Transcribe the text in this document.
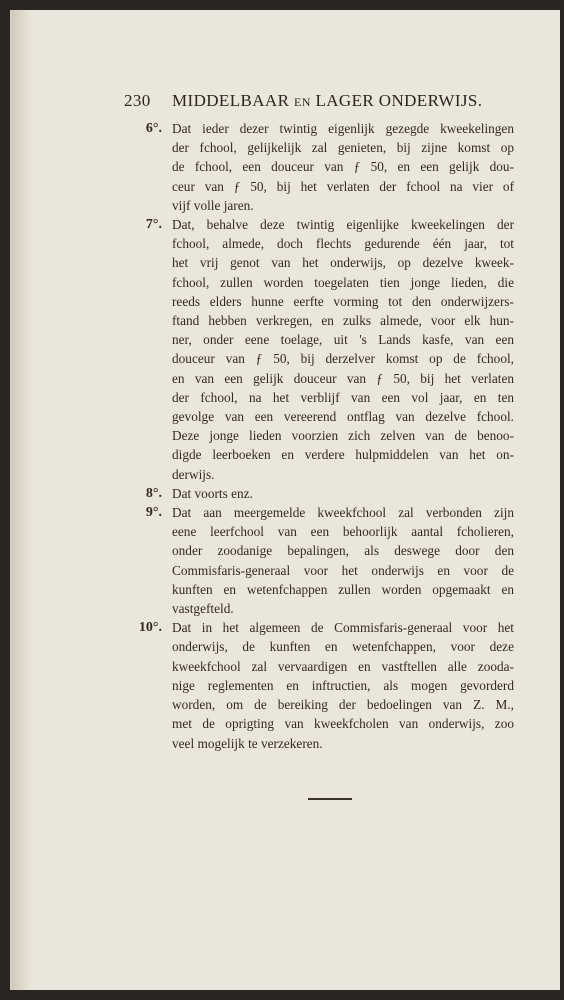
230 MIDDELBAAR EN LAGER ONDERWIJS.
6°. Dat ieder dezer twintig eigenlijk gezegde kweekelingen
der fchool, gelijkelijk zal genieten, bij zijne komst op
de fchool, een douceur van ƒ 50, en een gelijk dou-
ceur van ƒ 50, bij het verlaten der fchool na vier of
vijf volle jaren.
7°. Dat, behalve deze twintig eigenlijke kweekelingen der
fchool, almede, doch flechts gedurende één jaar, tot
het vrij genot van het onderwijs, op dezelve kweek-
fchool, zullen worden toegelaten tien jonge lieden, die
reeds elders hunne eerfte vorming tot den onderwijzers-
ftand hebben verkregen, en zulks almede, voor elk hun-
ner, onder eene toelage, uit 's Lands kasfe, van een
douceur van ƒ 50, bij derzelver komst op de fchool,
en van een gelijk douceur van ƒ 50, bij het verlaten
der fchool, na het verblijf van een vol jaar, en ten
gevolge van een vereerend ontflag van dezelve fchool.
Deze jonge lieden voorzien zich zelven van de benoo-
digde leerboeken en verdere hulpmiddelen van het on-
derwijs.
8°. Dat voorts enz.
9°. Dat aan meergemelde kweekfchool zal verbonden zijn
eene leerfchool van een behoorlijk aantal fcholieren,
onder zoodanige bepalingen, als deswege door den
Commisfaris-generaal voor het onderwijs en voor de
kunften en wetenfchappen zullen worden opgemaakt en
vastgefteld.
10°. Dat in het algemeen de Commisfaris-generaal voor het
onderwijs, de kunften en wetenfchappen, voor deze
kweekfchool zal vervaardigen en vastftellen alle zooda-
nige reglementen en inftructien, als mogen gevorderd
worden, om de bereiking der bedoelingen van Z. M.,
met de oprigting van kweekfcholen van onderwijs, zoo
veel mogelijk te verzekeren.
